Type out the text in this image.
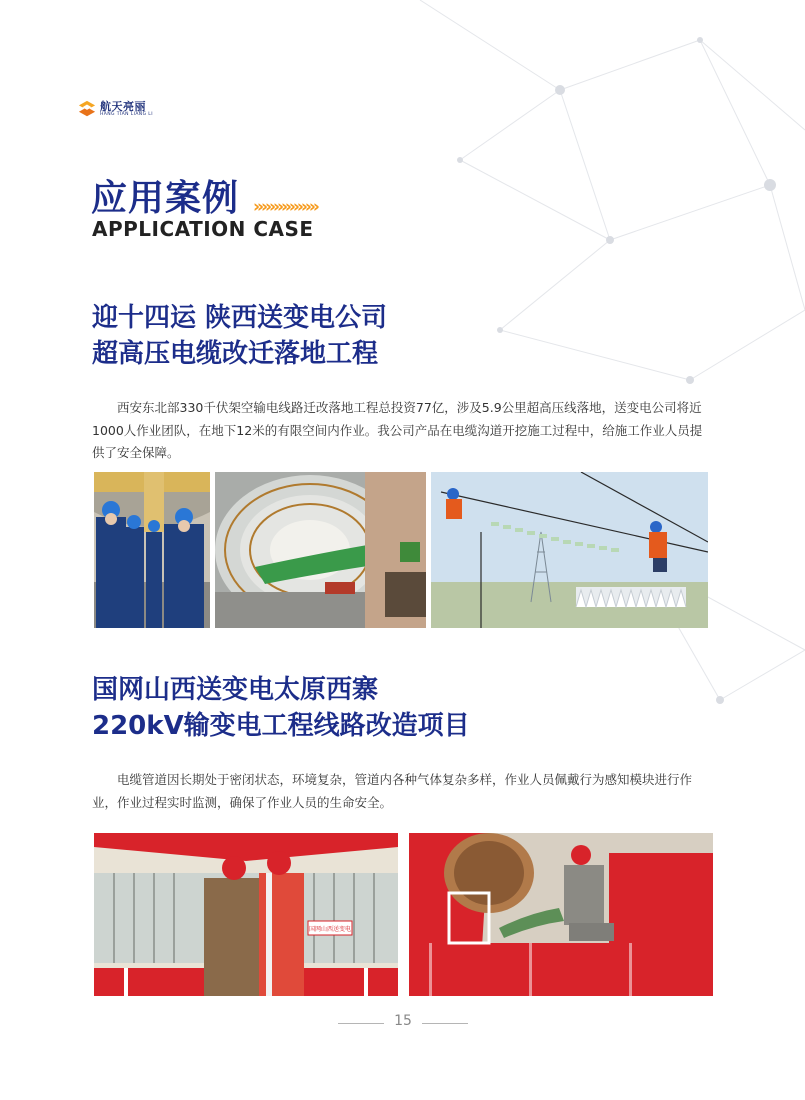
航天亮丽
HANG TIAN LIANG LI
应用案例 »»»»»»»»
APPLICATION CASE
迎十四运 陕西送变电公司
超高压电缆改迁落地工程

西安东北部330千伏架空输电线路迁改落地工程总投资77亿，涉及5.9公里超高压线落地，送变电公司将近1000人作业团队，在地下12米的有限空间内作业。我公司产品在电缆沟道开挖施工过程中，给施工作业人员提供了安全保障。

国网山西送变电太原西寨
220kV输变电工程线路改造项目

电缆管道因长期处于密闭状态，环境复杂，管道内各种气体复杂多样，作业人员佩戴行为感知模块进行作业，作业过程实时监测，确保了作业人员的生命安全。

国网山西送变电
15
